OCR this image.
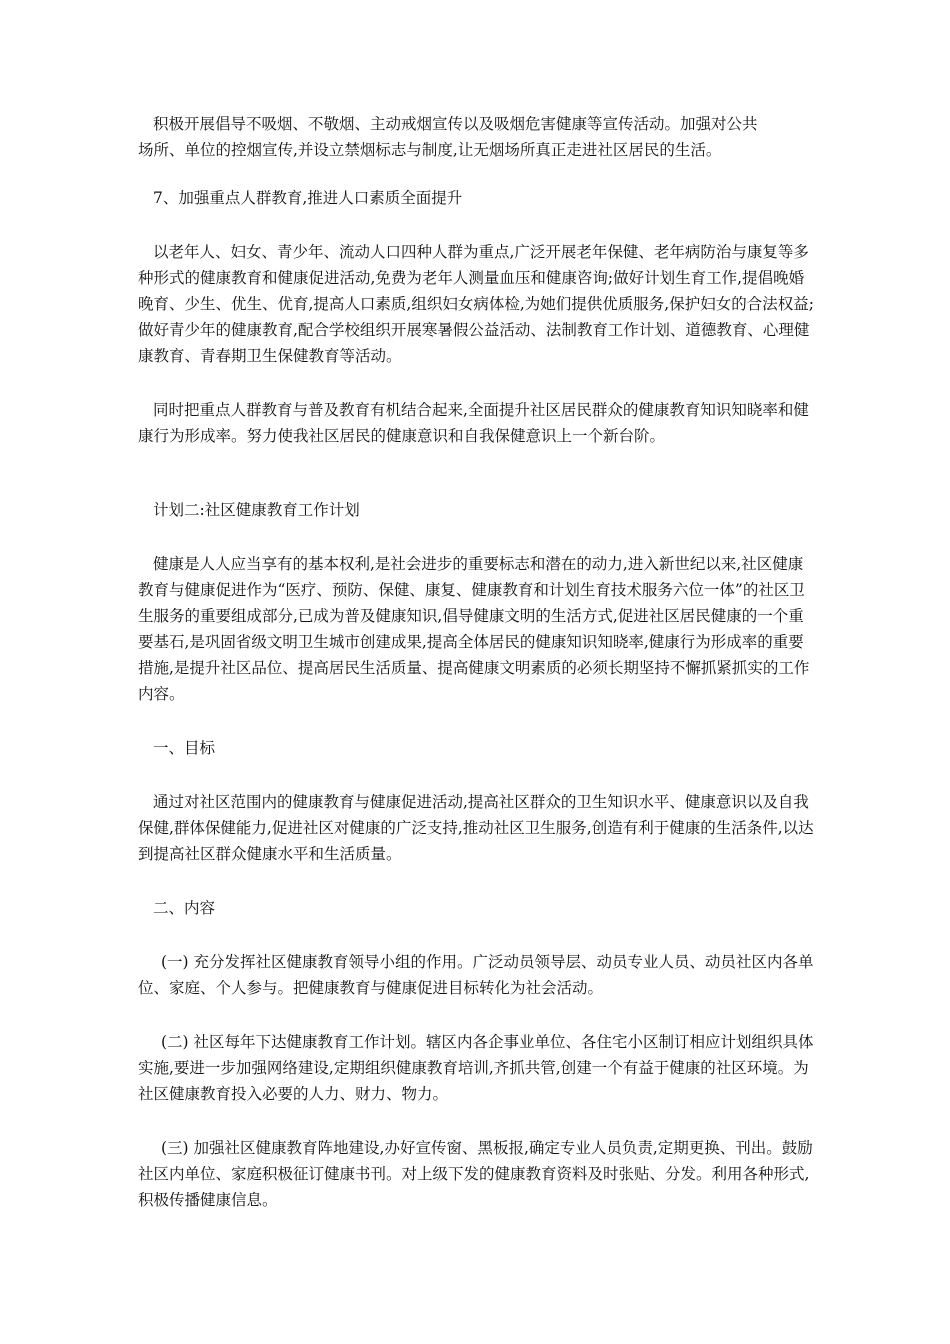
积极开展倡导不吸烟、不敬烟、主动戒烟宣传以及吸烟危害健康等宣传活动。加强对公共
场所、单位的控烟宣传,并设立禁烟标志与制度,让无烟场所真正走进社区居民的生活。

7、加强重点人群教育,推进人口素质全面提升

以老年人、妇女、青少年、流动人口四种人群为重点,广泛开展老年保健、老年病防治与康复等多种形式的健康教育和健康促进活动,免费为老年人测量血压和健康咨询;做好计划生育工作,提倡晚婚晚育、少生、优生、优育,提高人口素质,组织妇女病体检,为她们提供优质服务,保护妇女的合法权益;做好青少年的健康教育,配合学校组织开展寒暑假公益活动、法制教育工作计划、道德教育、心理健康教育、青春期卫生保健教育等活动。

同时把重点人群教育与普及教育有机结合起来,全面提升社区居民群众的健康教育知识知晓率和健康行为形成率。努力使我社区居民的健康意识和自我保健意识上一个新台阶。

计划二:社区健康教育工作计划

健康是人人应当享有的基本权利,是社会进步的重要标志和潜在的动力,进入新世纪以来,社区健康教育与健康促进作为“医疗、预防、保健、康复、健康教育和计划生育技术服务六位一体”的社区卫生服务的重要组成部分,已成为普及健康知识,倡导健康文明的生活方式,促进社区居民健康的一个重要基石,是巩固省级文明卫生城市创建成果,提高全体居民的健康知识知晓率,健康行为形成率的重要措施,是提升社区品位、提高居民生活质量、提高健康文明素质的必须长期坚持不懈抓紧抓实的工作内容。

一、目标

通过对社区范围内的健康教育与健康促进活动,提高社区群众的卫生知识水平、健康意识以及自我保健,群体保健能力,促进社区对健康的广泛支持,推动社区卫生服务,创造有利于健康的生活条件,以达到提高社区群众健康水平和生活质量。

二、内容

(一) 充分发挥社区健康教育领导小组的作用。广泛动员领导层、动员专业人员、动员社区内各单位、家庭、个人参与。把健康教育与健康促进目标转化为社会活动。

(二) 社区每年下达健康教育工作计划。辖区内各企事业单位、各住宅小区制订相应计划组织具体实施,要进一步加强网络建设,定期组织健康教育培训,齐抓共管,创建一个有益于健康的社区环境。为社区健康教育投入必要的人力、财力、物力。

(三) 加强社区健康教育阵地建设,办好宣传窗、黑板报,确定专业人员负责,定期更换、刊出。鼓励社区内单位、家庭积极征订健康书刊。对上级下发的健康教育资料及时张贴、分发。利用各种形式,积极传播健康信息。
